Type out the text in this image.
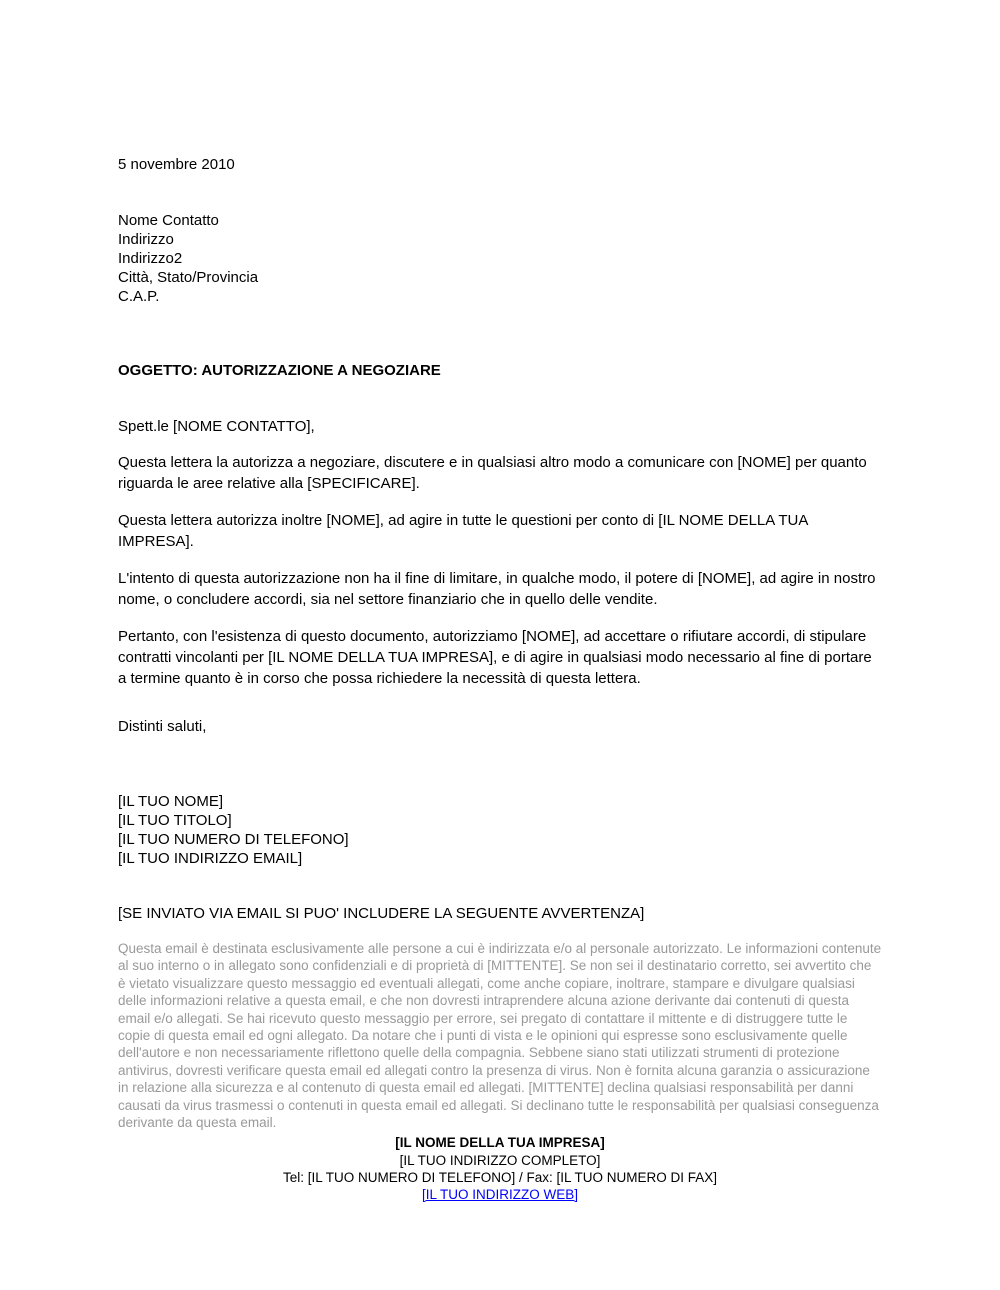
5 novembre 2010
Nome Contatto
Indirizzo
Indirizzo2
Città, Stato/Provincia
C.A.P.
OGGETTO: AUTORIZZAZIONE A NEGOZIARE
Spett.le [NOME CONTATTO],

Questa lettera la autorizza a negoziare, discutere e in qualsiasi altro modo a comunicare con [NOME] per quanto riguarda le aree relative alla [SPECIFICARE].

Questa lettera autorizza inoltre [NOME], ad agire in tutte le questioni per conto di [IL NOME DELLA TUA IMPRESA].

L'intento di questa autorizzazione non ha il fine di limitare, in qualche modo, il potere di [NOME], ad agire in nostro nome, o concludere accordi, sia nel settore finanziario che in quello delle vendite.

Pertanto, con l'esistenza di questo documento, autorizziamo [NOME], ad accettare o rifiutare accordi, di stipulare contratti vincolanti per [IL NOME DELLA TUA IMPRESA], e di agire in qualsiasi modo necessario al fine di portare a termine quanto è in corso che possa richiedere la necessità di questa lettera.

Distinti saluti,
[IL TUO NOME]
[IL TUO TITOLO]
[IL TUO NUMERO DI TELEFONO]
[IL TUO INDIRIZZO EMAIL]
[SE INVIATO VIA EMAIL SI PUO' INCLUDERE LA SEGUENTE AVVERTENZA]
Questa email è destinata esclusivamente alle persone a cui è indirizzata e/o al personale autorizzato. Le informazioni contenute al suo interno o in allegato sono confidenziali e di proprietà di [MITTENTE]. Se non sei il destinatario corretto, sei avvertito che è vietato visualizzare questo messaggio ed eventuali allegati, come anche copiare, inoltrare, stampare e divulgare qualsiasi delle informazioni relative a questa email, e che non dovresti intraprendere alcuna azione derivante dai contenuti di questa email e/o allegati. Se hai ricevuto questo messaggio per errore, sei pregato di contattare il mittente e di distruggere tutte le copie di questa email ed ogni allegato. Da notare che i punti di vista e le opinioni qui espresse sono esclusivamente quelle dell'autore e non necessariamente riflettono quelle della compagnia. Sebbene siano stati utilizzati strumenti di protezione antivirus, dovresti verificare questa email ed allegati contro la presenza di virus. Non è fornita alcuna garanzia o assicurazione in relazione alla sicurezza e al contenuto di questa email ed allegati. [MITTENTE] declina qualsiasi responsabilità per danni causati da virus trasmessi o contenuti in questa email ed allegati. Si declinano tutte le responsabilità per qualsiasi conseguenza derivante da questa email.
[IL NOME DELLA TUA IMPRESA]
[IL TUO INDIRIZZO COMPLETO]
Tel: [IL TUO NUMERO DI TELEFONO] / Fax: [IL TUO NUMERO DI FAX]
[IL TUO INDIRIZZO WEB]
